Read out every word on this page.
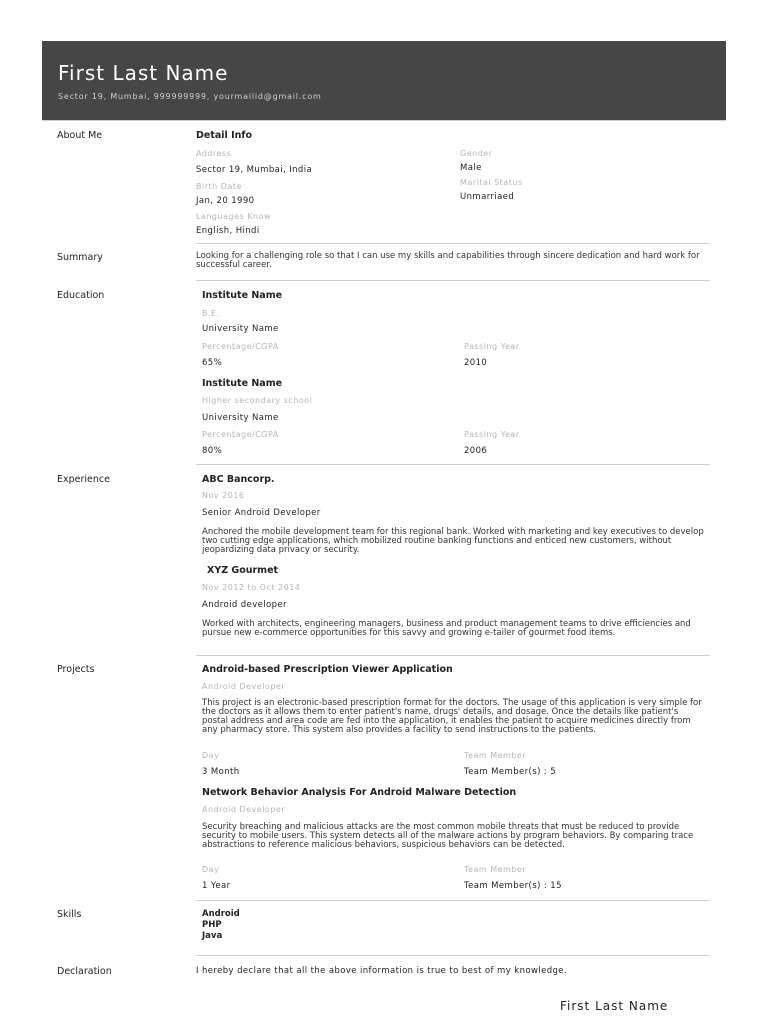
First Last Name
Sector 19, Mumbai, 999999999, yourmailid@gmail.com
About Me	Detail Info
Address
Sector 19, Mumbai, India
Birth Date
Jan, 20 1990
Languages Know
English, Hindi
Gender
Male
Marital Status
Unmarriaed
Summary	Looking for a challenging role so that I can use my skills and capabilities through sincere dedication and hard work for successful career.
Education	Institute Name
B.E.
University Name
Percentage/CGPA
65%
Passing Year
2010
Institute Name
Higher secondary school
University Name
Percentage/CGPA
80%
Passing Year
2006
Experience	ABC Bancorp.
Nov 2016
Senior Android Developer
Anchored the mobile development team for this regional bank. Worked with marketing and key executives to develop two cutting edge applications, which mobilized routine banking functions and enticed new customers, without jeopardizing data privacy or security.
XYZ Gourmet
Nov 2012 to Oct 2014
Android developer
Worked with architects, engineering managers, business and product management teams to drive efficiencies and pursue new e-commerce opportunities for this savvy and growing e-tailer of gourmet food items.
Projects	Android-based Prescription Viewer Application
Android Developer
This project is an electronic-based prescription format for the doctors. The usage of this application is very simple for the doctors as it allows them to enter patient's name, drugs' details, and dosage. Once the details like patient's postal address and area code are fed into the application, it enables the patient to acquire medicines directly from any pharmacy store. This system also provides a facility to send instructions to the patients.
Day
3 Month
Team Member
Team Member(s) : 5
Network Behavior Analysis For Android Malware Detection
Android Developer
Security breaching and malicious attacks are the most common mobile threats that must be reduced to provide security to mobile users. This system detects all of the malware actions by program behaviors. By comparing trace abstractions to reference malicious behaviors, suspicious behaviors can be detected.
Day
1 Year
Team Member
Team Member(s) : 15
Skills	Android
PHP
Java
Declaration	I hereby declare that all the above information is true to best of my knowledge.
First Last Name
